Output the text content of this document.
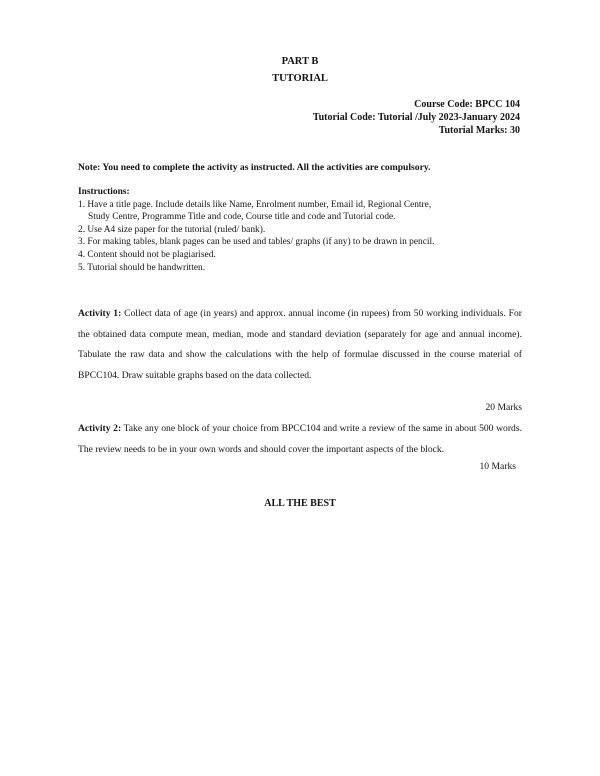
PART B
TUTORIAL
Course Code: BPCC 104
Tutorial Code: Tutorial /July 2023-January 2024
Tutorial Marks: 30
Note: You need to complete the activity as instructed. All the activities are compulsory.
Instructions:
1. Have a title page. Include details like Name, Enrolment number, Email id, Regional Centre,
Study Centre, Programme Title and code, Course title and code and Tutorial code.
2. Use A4 size paper for the tutorial (ruled/ bank).
3. For making tables, blank pages can be used and tables/ graphs (if any) to be drawn in pencil.
4. Content should not be plagiarised.
5. Tutorial should be handwritten.
Activity 1: Collect data of age (in years) and approx. annual income (in rupees) from 50 working individuals. For the obtained data compute mean, median, mode and standard deviation (separately for age and annual income). Tabulate the raw data and show the calculations with the help of formulae discussed in the course material of BPCC104. Draw suitable graphs based on the data collected.
20 Marks
Activity 2: Take any one block of your choice from BPCC104 and write a review of the same in about 500 words. The review needs to be in your own words and should cover the important aspects of the block.
10 Marks
ALL THE BEST
